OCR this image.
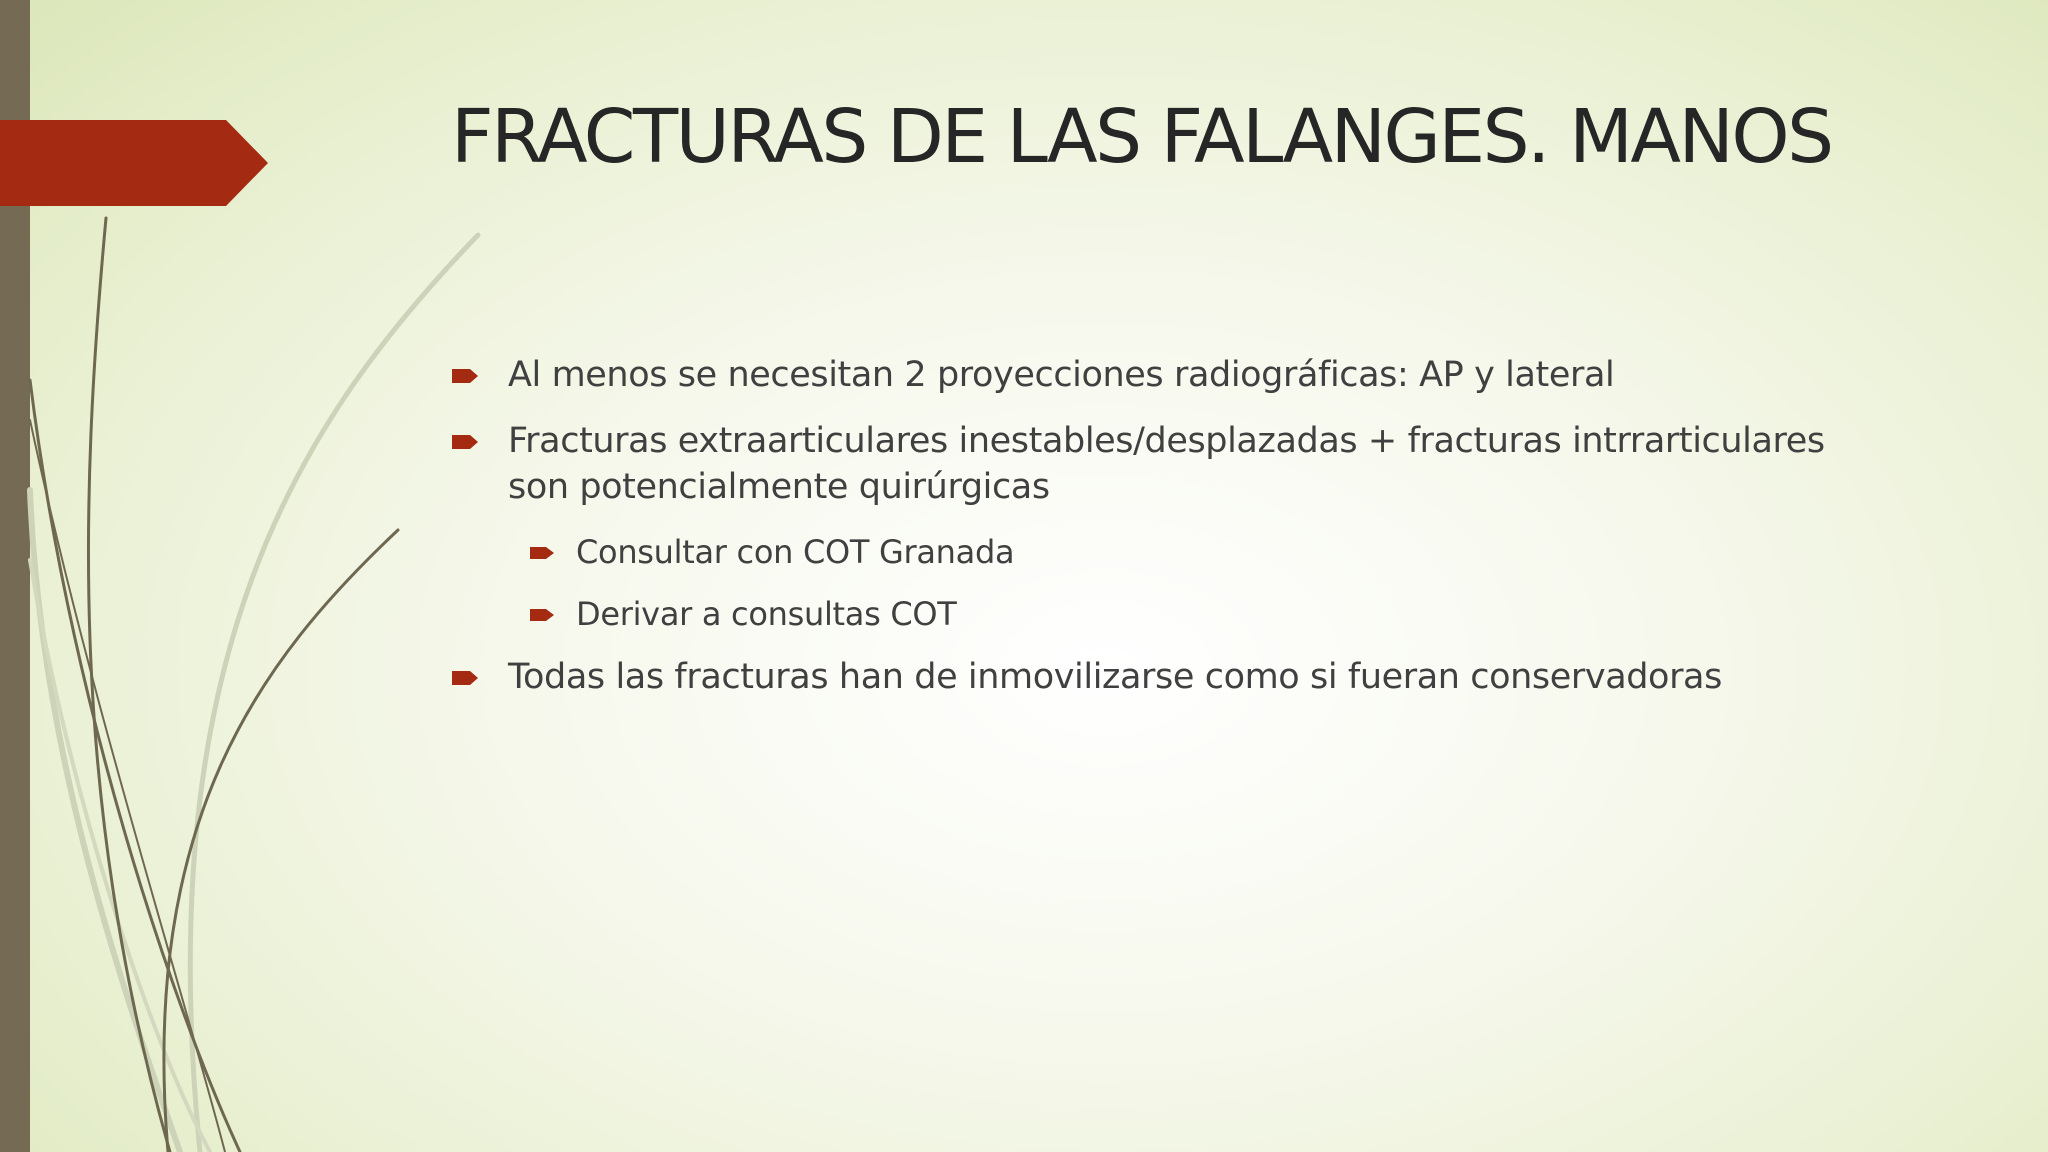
FRACTURAS DE LAS FALANGES. MANOS
Al menos se necesitan 2 proyecciones radiográficas: AP y lateral
Fracturas extraarticulares inestables/desplazadas + fracturas intrrarticulares son potencialmente quirúrgicas
Consultar con COT Granada
Derivar a consultas COT
Todas las fracturas han de inmovilizarse como si fueran conservadoras
